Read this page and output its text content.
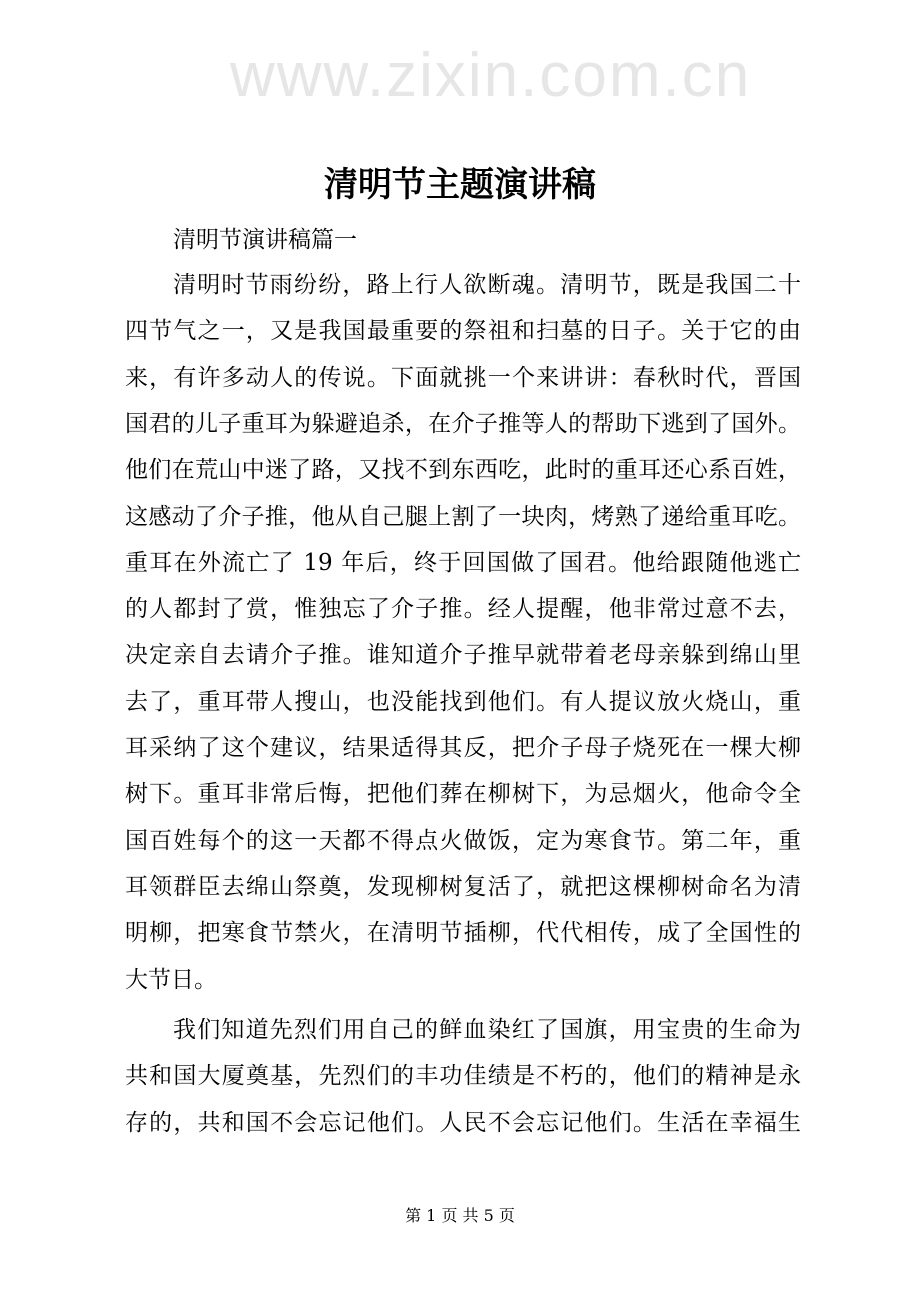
www.zixin.com.cn
清明节主题演讲稿
清明节演讲稿篇一
清明时节雨纷纷，路上行人欲断魂。清明节，既是我国二十
四节气之一，又是我国最重要的祭祖和扫墓的日子。关于它的由
来，有许多动人的传说。下面就挑一个来讲讲：春秋时代，晋国
国君的儿子重耳为躲避追杀，在介子推等人的帮助下逃到了国外。
他们在荒山中迷了路，又找不到东西吃，此时的重耳还心系百姓，
这感动了介子推，他从自己腿上割了一块肉，烤熟了递给重耳吃。
重耳在外流亡了 19 年后，终于回国做了国君。他给跟随他逃亡
的人都封了赏，惟独忘了介子推。经人提醒，他非常过意不去，
决定亲自去请介子推。谁知道介子推早就带着老母亲躲到绵山里
去了，重耳带人搜山，也没能找到他们。有人提议放火烧山，重
耳采纳了这个建议，结果适得其反，把介子母子烧死在一棵大柳
树下。重耳非常后悔，把他们葬在柳树下，为忌烟火，他命令全
国百姓每个的这一天都不得点火做饭，定为寒食节。第二年，重
耳领群臣去绵山祭奠，发现柳树复活了，就把这棵柳树命名为清
明柳，把寒食节禁火，在清明节插柳，代代相传，成了全国性的
大节日。
我们知道先烈们用自己的鲜血染红了国旗，用宝贵的生命为
共和国大厦奠基，先烈们的丰功佳绩是不朽的，他们的精神是永
存的，共和国不会忘记他们。人民不会忘记他们。生活在幸福生
第 1 页 共 5 页
